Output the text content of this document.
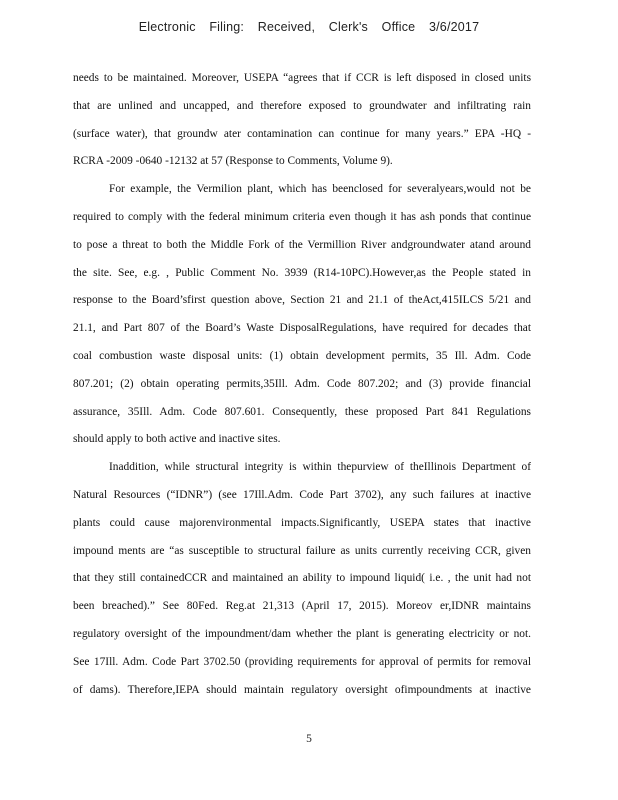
Electronic Filing: Received, Clerk's Office 3/6/2017
needs to be maintained. Moreover, USEPA “agrees that if CCR is left disposed in closed units
that are unlined and uncapped, and therefore exposed to groundwater and infiltrating rain
(surface water), that groundw ater contamination can continue for many years.” EPA -HQ -
RCRA -2009 -0640 -12132 at 57 (Response to Comments, Volume 9).
For example, the Vermilion plant, which has beenclosed for severalyears,would not be
required to comply with the federal minimum criteria even though it has ash ponds that continue
to pose a threat to both the Middle Fork of the Vermillion River andgroundwater atand around
the site. See, e.g. , Public Comment No. 3939 (R14-10PC).However,as the People stated in
response to the Board’sfirst question above, Section 21 and 21.1 of theAct,415ILCS 5/21 and
21.1, and Part 807 of the Board’s Waste DisposalRegulations, have required for decades that
coal combustion waste disposal units: (1) obtain development permits, 35 Ill. Adm. Code
807.201; (2) obtain operating permits,35Ill. Adm. Code 807.202; and (3) provide financial
assurance, 35Ill. Adm. Code 807.601. Consequently, these proposed Part 841 Regulations
should apply to both active and inactive sites.
Inaddition, while structural integrity is within thepurview of theIllinois Department of
Natural Resources (“IDNR”) (see 17Ill.Adm. Code Part 3702), any such failures at inactive
plants could cause majorenvironmental impacts.Significantly, USEPA states that inactive
impound ments are “as susceptible to structural failure as units currently receiving CCR, given
that they still containedCCR and maintained an ability to impound liquid( i.e. , the unit had not
been breached).” See 80Fed. Reg.at 21,313 (April 17, 2015). Moreov er,IDNR maintains
regulatory oversight of the impoundment/dam whether the plant is generating electricity or not.
See 17Ill. Adm. Code Part 3702.50 (providing requirements for approval of permits for removal
of dams). Therefore,IEPA should maintain regulatory oversight ofimpoundments at inactive
5
